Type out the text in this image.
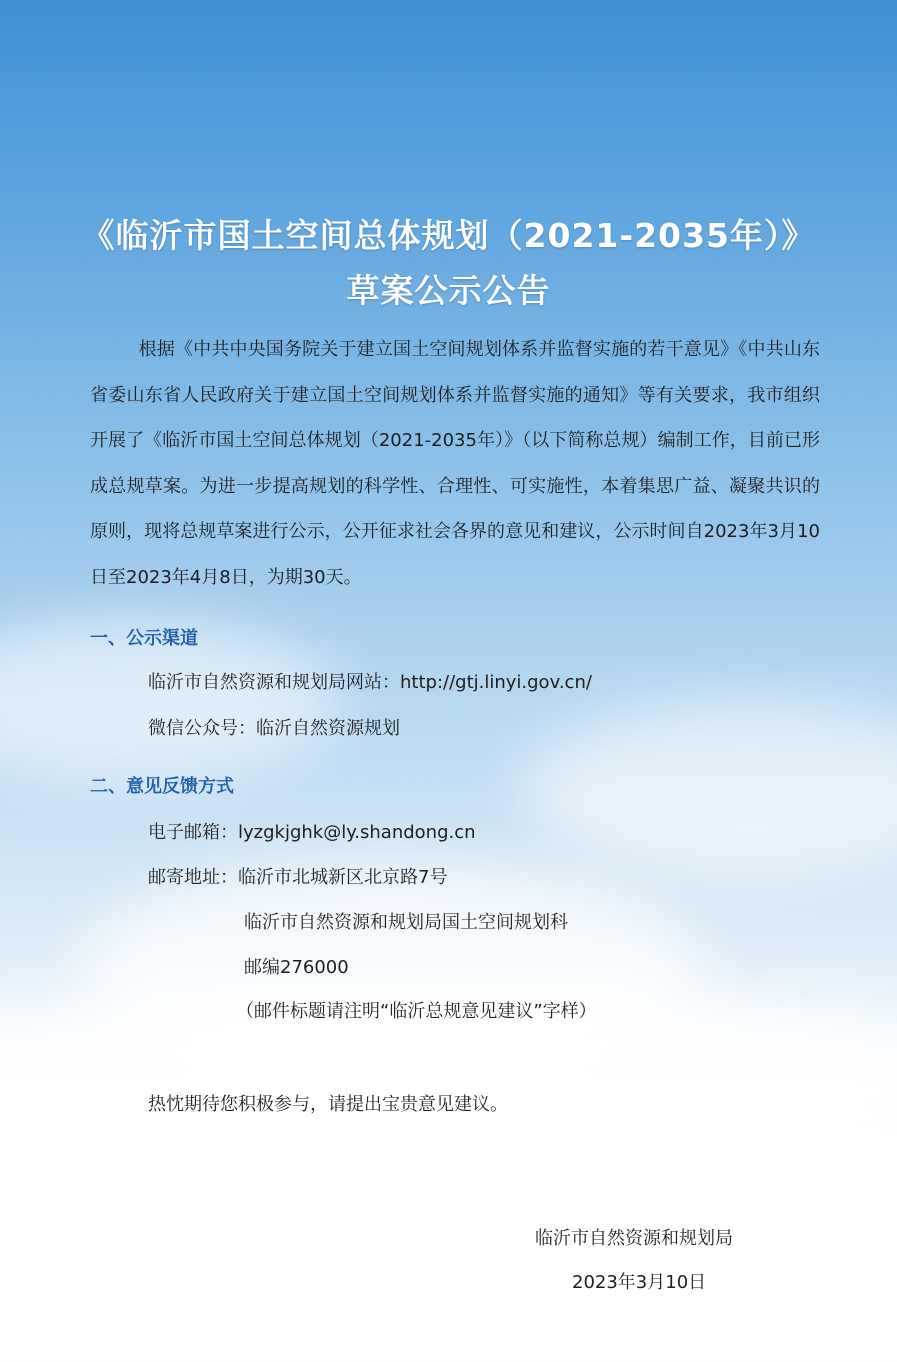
《临沂市国土空间总体规划（2021-2035年）》
草案公示公告
根据《中共中央国务院关于建立国土空间规划体系并监督实施的若干意见》《中共山东省委山东省人民政府关于建立国土空间规划体系并监督实施的通知》等有关要求，我市组织开展了《临沂市国土空间总体规划（2021-2035年）》（以下简称总规）编制工作，目前已形成总规草案。为进一步提高规划的科学性、合理性、可实施性，本着集思广益、凝聚共识的原则，现将总规草案进行公示，公开征求社会各界的意见和建议，公示时间自2023年3月10日至2023年4月8日，为期30天。
一、公示渠道
临沂市自然资源和规划局网站：http://gtj.linyi.gov.cn/
微信公众号：临沂自然资源规划
二、意见反馈方式
电子邮箱：lyzgkjghk@ly.shandong.cn
邮寄地址：临沂市北城新区北京路7号
临沂市自然资源和规划局国土空间规划科
邮编276000
（邮件标题请注明“临沂总规意见建议”字样）
热忱期待您积极参与，请提出宝贵意见建议。
临沂市自然资源和规划局
2023年3月10日
